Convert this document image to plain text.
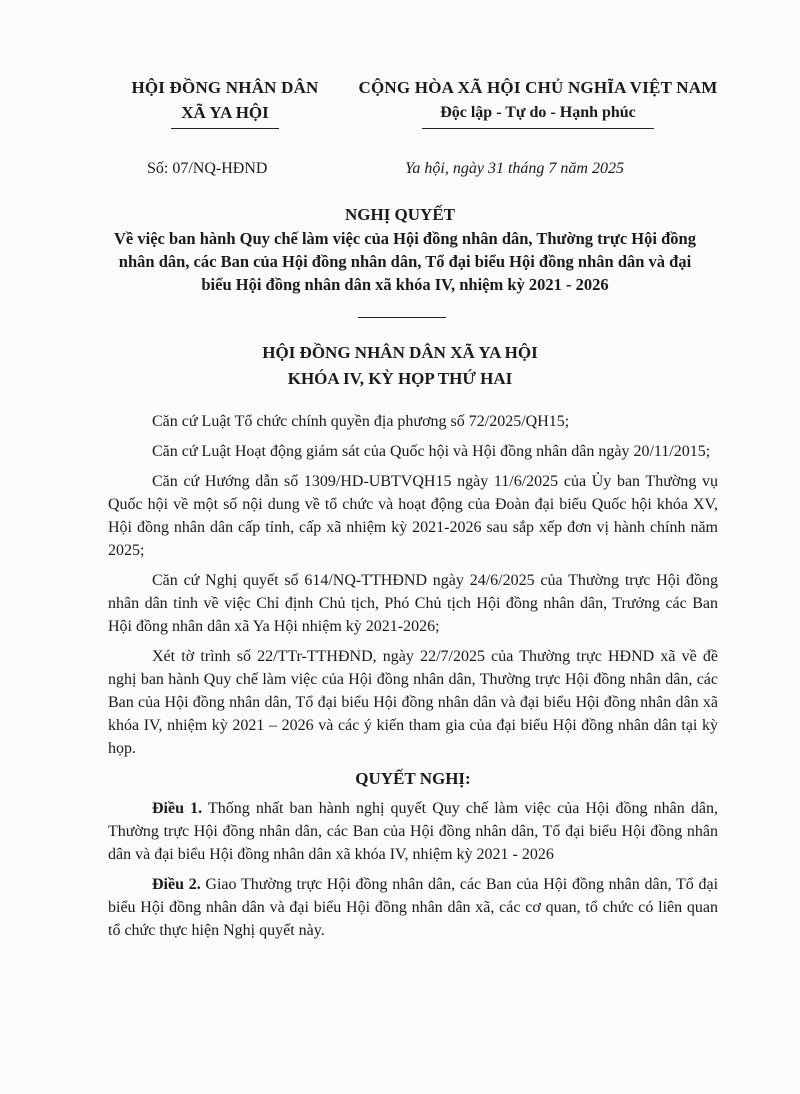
HỘI ĐỒNG NHÂN DÂN
XÃ YA HỘI
CỘNG HÒA XÃ HỘI CHỦ NGHĨA VIỆT NAM
Độc lập - Tự do - Hạnh phúc
Số: 07/NQ-HĐND	Ya hội, ngày 31 tháng 7 năm 2025
NGHỊ QUYẾT
Về việc ban hành Quy chế làm việc của Hội đồng nhân dân, Thường trực Hội đồng nhân dân, các Ban của Hội đồng nhân dân, Tổ đại biểu Hội đồng nhân dân và đại biểu Hội đồng nhân dân xã khóa IV, nhiệm kỳ 2021 - 2026
HỘI ĐỒNG NHÂN DÂN XÃ YA HỘI
KHÓA IV, KỲ HỌP THỨ HAI

Căn cứ Luật Tổ chức chính quyền địa phương số 72/2025/QH15;

Căn cứ Luật Hoạt động giám sát của Quốc hội và Hội đồng nhân dân ngày 20/11/2015;

Căn cứ Hướng dẫn số 1309/HD-UBTVQH15 ngày 11/6/2025 của Ủy ban Thường vụ Quốc hội về một số nội dung về tổ chức và hoạt động của Đoàn đại biểu Quốc hội khóa XV, Hội đồng nhân dân cấp tỉnh, cấp xã nhiệm kỳ 2021-2026 sau sắp xếp đơn vị hành chính năm 2025;

Căn cứ Nghị quyết số 614/NQ-TTHĐND ngày 24/6/2025 của Thường trực Hội đồng nhân dân tỉnh về việc Chỉ định Chủ tịch, Phó Chủ tịch Hội đồng nhân dân, Trưởng các Ban Hội đồng nhân dân xã Ya Hội nhiệm kỳ 2021-2026;

Xét tờ trình số 22/TTr-TTHĐND, ngày 22/7/2025 của Thường trực HĐND xã về đề nghị ban hành Quy chế làm việc của Hội đồng nhân dân, Thường trực Hội đồng nhân dân, các Ban của Hội đồng nhân dân, Tổ đại biểu Hội đồng nhân dân và đại biểu Hội đồng nhân dân xã khóa IV, nhiệm kỳ 2021 – 2026 và các ý kiến tham gia của đại biểu Hội đồng nhân dân tại kỳ họp.

QUYẾT NGHỊ:

Điều 1. Thống nhất ban hành nghị quyết Quy chế làm việc của Hội đồng nhân dân, Thường trực Hội đồng nhân dân, các Ban của Hội đồng nhân dân, Tổ đại biểu Hội đồng nhân dân và đại biểu Hội đồng nhân dân xã khóa IV, nhiệm kỳ 2021 - 2026

Điều 2. Giao Thường trực Hội đồng nhân dân, các Ban của Hội đồng nhân dân, Tổ đại biểu Hội đồng nhân dân và đại biểu Hội đồng nhân dân xã, các cơ quan, tổ chức có liên quan tổ chức thực hiện Nghị quyết này.
